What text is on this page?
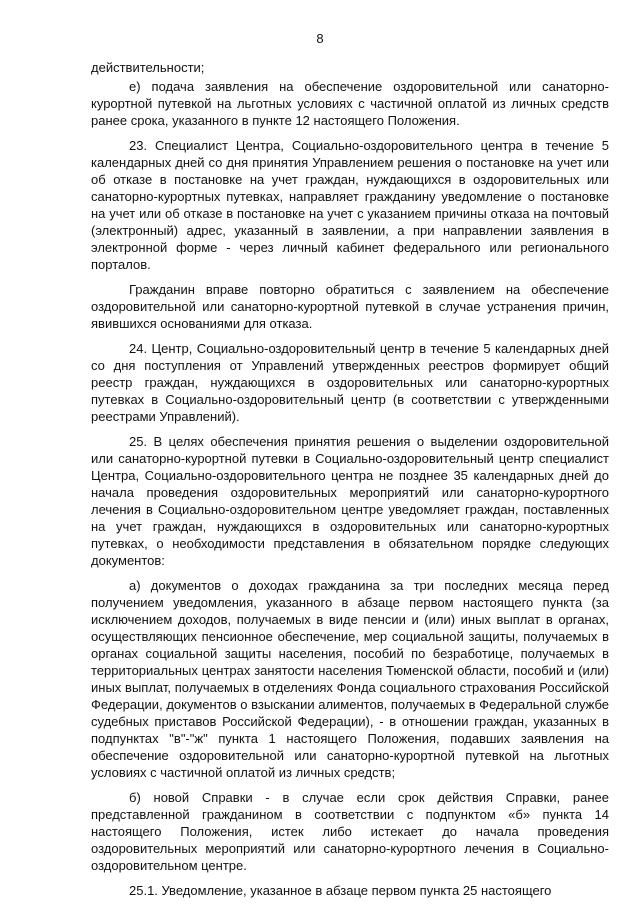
8

действительности;

е) подача заявления на обеспечение оздоровительной или санаторно-курортной путевкой на льготных условиях с частичной оплатой из личных средств ранее срока, указанного в пункте 12 настоящего Положения.

23. Специалист Центра, Социально-оздоровительного центра в течение 5 календарных дней со дня принятия Управлением решения о постановке на учет или об отказе в постановке на учет граждан, нуждающихся в оздоровительных или санаторно-курортных путевках, направляет гражданину уведомление о постановке на учет или об отказе в постановке на учет с указанием причины отказа на почтовый (электронный) адрес, указанный в заявлении, а при направлении заявления в электронной форме - через личный кабинет федерального или регионального порталов.

Гражданин вправе повторно обратиться с заявлением на обеспечение оздоровительной или санаторно-курортной путевкой в случае устранения причин, явившихся основаниями для отказа.

24. Центр, Социально-оздоровительный центр в течение 5 календарных дней со дня поступления от Управлений утвержденных реестров формирует общий реестр граждан, нуждающихся в оздоровительных или санаторно-курортных путевках в Социально-оздоровительный центр (в соответствии с утвержденными реестрами Управлений).

25. В целях обеспечения принятия решения о выделении оздоровительной или санаторно-курортной путевки в Социально-оздоровительный центр специалист Центра, Социально-оздоровительного центра не позднее 35 календарных дней до начала проведения оздоровительных мероприятий или санаторно-курортного лечения в Социально-оздоровительном центре уведомляет граждан, поставленных на учет граждан, нуждающихся в оздоровительных или санаторно-курортных путевках, о необходимости представления в обязательном порядке следующих документов:

а) документов о доходах гражданина за три последних месяца перед получением уведомления, указанного в абзаце первом настоящего пункта (за исключением доходов, получаемых в виде пенсии и (или) иных выплат в органах, осуществляющих пенсионное обеспечение, мер социальной защиты, получаемых в органах социальной защиты населения, пособий по безработице, получаемых в территориальных центрах занятости населения Тюменской области, пособий и (или) иных выплат, получаемых в отделениях Фонда социального страхования Российской Федерации, документов о взыскании алиментов, получаемых в Федеральной службе судебных приставов Российской Федерации), - в отношении граждан, указанных в подпунктах "в"-"ж" пункта 1 настоящего Положения, подавших заявления на обеспечение оздоровительной или санаторно-курортной путевкой на льготных условиях с частичной оплатой из личных средств;

б) новой Справки - в случае если срок действия Справки, ранее представленной гражданином в соответствии с подпунктом «б» пункта 14 настоящего Положения, истек либо истекает до начала проведения оздоровительных мероприятий или санаторно-курортного лечения в Социально-оздоровительном центре.

25.1. Уведомление, указанное в абзаце первом пункта 25 настоящего
